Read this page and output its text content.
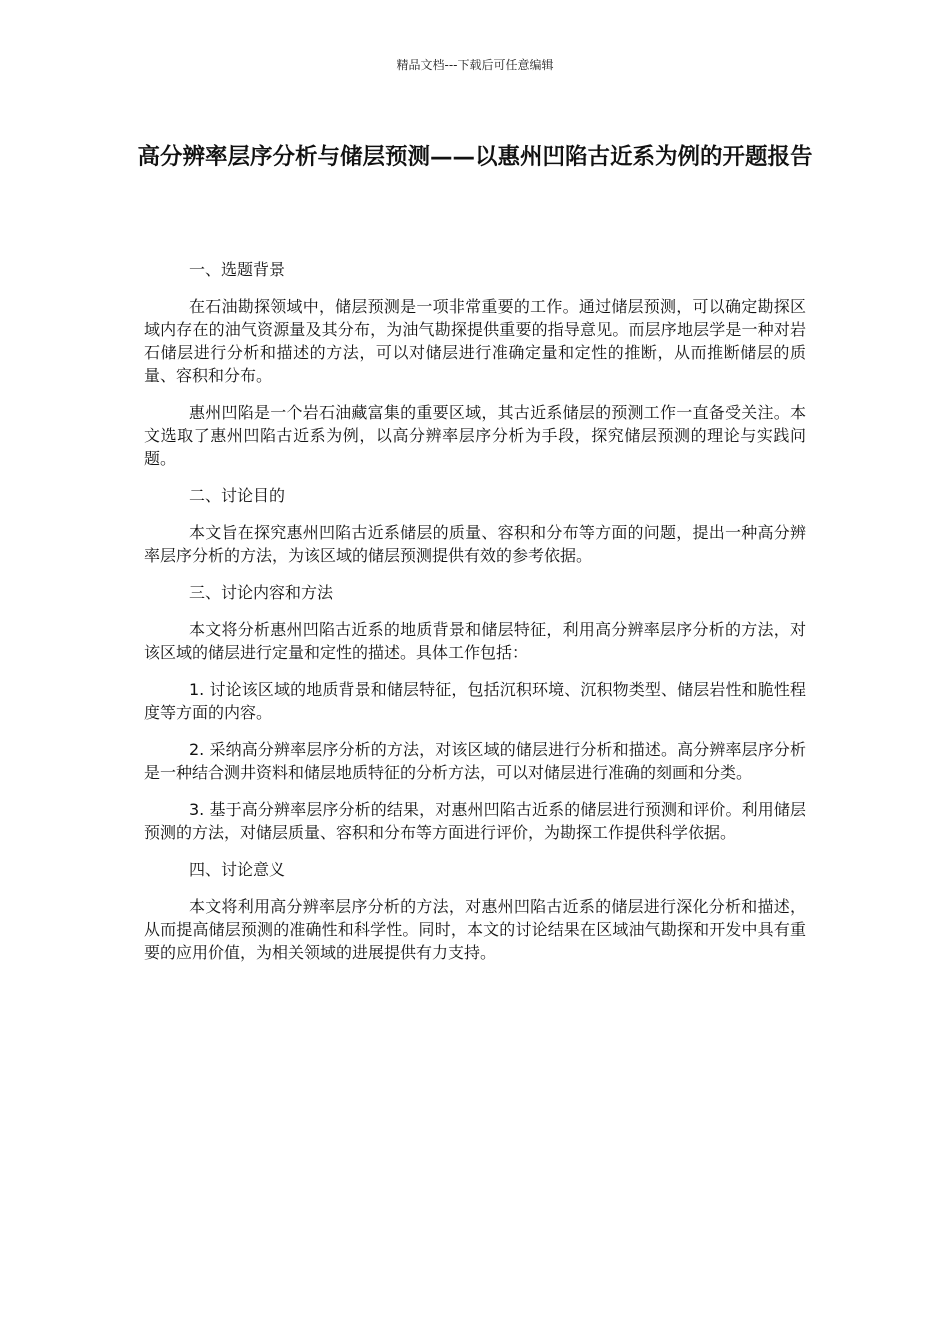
精品文档---下载后可任意编辑
高分辨率层序分析与储层预测——以惠州凹陷古近系为例的开题报告
一、选题背景

在石油勘探领域中，储层预测是一项非常重要的工作。通过储层预测，可以确定勘探区域内存在的油气资源量及其分布，为油气勘探提供重要的指导意见。而层序地层学是一种对岩石储层进行分析和描述的方法，可以对储层进行准确定量和定性的推断，从而推断储层的质量、容积和分布。

惠州凹陷是一个岩石油藏富集的重要区域，其古近系储层的预测工作一直备受关注。本文选取了惠州凹陷古近系为例，以高分辨率层序分析为手段，探究储层预测的理论与实践问题。

二、讨论目的

本文旨在探究惠州凹陷古近系储层的质量、容积和分布等方面的问题，提出一种高分辨率层序分析的方法，为该区域的储层预测提供有效的参考依据。

三、讨论内容和方法

本文将分析惠州凹陷古近系的地质背景和储层特征，利用高分辨率层序分析的方法，对该区域的储层进行定量和定性的描述。具体工作包括：

1. 讨论该区域的地质背景和储层特征，包括沉积环境、沉积物类型、储层岩性和脆性程度等方面的内容。

2. 采纳高分辨率层序分析的方法，对该区域的储层进行分析和描述。高分辨率层序分析是一种结合测井资料和储层地质特征的分析方法，可以对储层进行准确的刻画和分类。

3. 基于高分辨率层序分析的结果，对惠州凹陷古近系的储层进行预测和评价。利用储层预测的方法，对储层质量、容积和分布等方面进行评价，为勘探工作提供科学依据。

四、讨论意义

本文将利用高分辨率层序分析的方法，对惠州凹陷古近系的储层进行深化分析和描述，从而提高储层预测的准确性和科学性。同时，本文的讨论结果在区域油气勘探和开发中具有重要的应用价值，为相关领域的进展提供有力支持。
